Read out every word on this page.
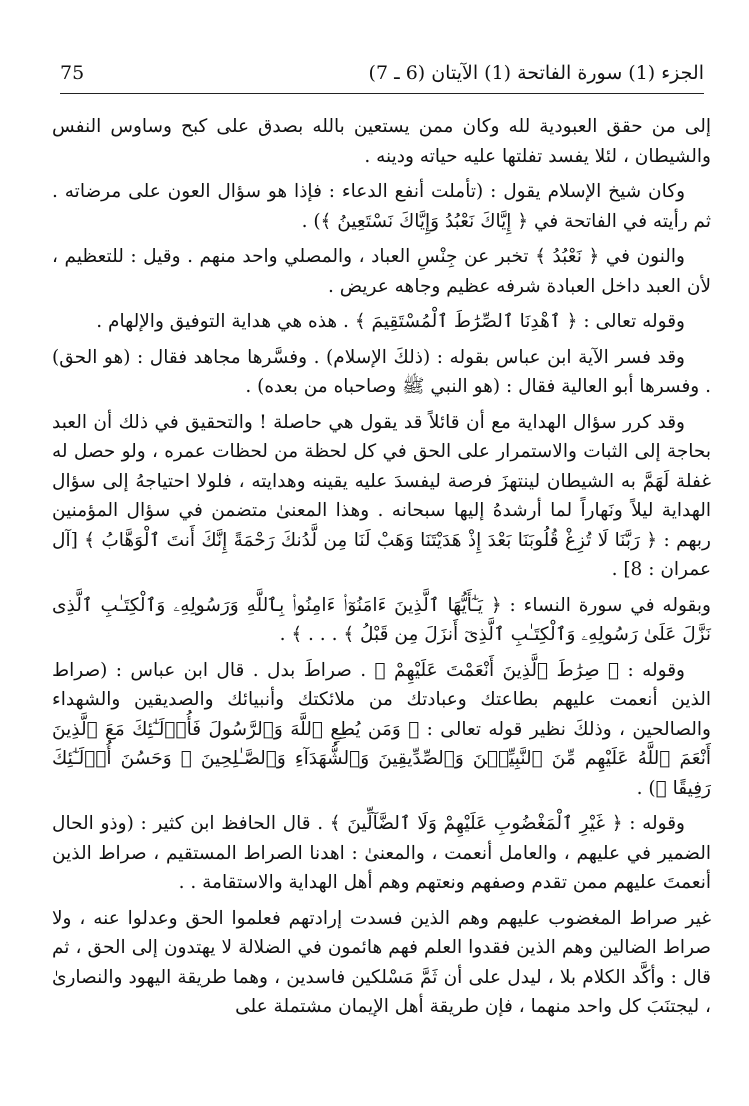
75	الجزء (1) سورة الفاتحة (1) الآيتان (6 ـ 7)

إلى من حقق العبودية لله وكان ممن يستعين بالله بصدق على كبح وساوس النفس والشيطان ، لئلا يفسد تفلتها عليه حياته ودينه .

وكان شيخ الإسلام يقول : (تأملت أنفع الدعاء : فإذا هو سؤال العون على مرضاته . ثم رأيته في الفاتحة في ﴿ إِيَّاكَ نَعْبُدُ وَإِيَّاكَ نَسْتَعِينُ ﴾) .

والنون في ﴿ نَعْبُدُ ﴾ تخبر عن جِنْسِ العباد ، والمصلي واحد منهم . وقيل : للتعظيم ، لأن العبد داخل العبادة شرفه عظيم وجاهه عريض .

وقوله تعالى : ﴿ ٱهْدِنَا ٱلصِّرَٰطَ ٱلْمُسْتَقِيمَ ﴾ . هذه هي هداية التوفيق والإلهام .

وقد فسر الآية ابن عباس بقوله : (ذلكَ الإسلام) . وفسَّرها مجاهد فقال : (هو الحق) . وفسرها أبو العالية فقال : (هو النبي ﷺ وصاحباه من بعده) .

وقد كرر سؤال الهداية مع أن قائلاً قد يقول هي حاصلة ! والتحقيق في ذلك أن العبد بحاجة إلى الثبات والاستمرار على الحق في كل لحظة من لحظات عمره ، ولو حصل له غفلة لَهَمَّ به الشيطان لينتهزَ فرصة ليفسدَ عليه يقينه وهدايته ، فلولا احتياجهُ إلى سؤال الهداية ليلاً ونَهاراً لما أرشدهُ إليها سبحانه . وهذا المعنىٰ متضمن في سؤال المؤمنين ربهم : ﴿ رَبَّنَا لَا تُزِغْ قُلُوبَنَا بَعْدَ إِذْ هَدَيْتَنَا وَهَبْ لَنَا مِن لَّدُنكَ رَحْمَةً إِنَّكَ أَنتَ ٱلْوَهَّابُ ﴾ [آل عمران : 8] .

وبقوله في سورة النساء : ﴿ يَـٰٓأَيُّهَا ٱلَّذِينَ ءَامَنُوٓا۟ ءَامِنُوا۟ بِٱللَّهِ وَرَسُولِهِۦ وَٱلْكِتَـٰبِ ٱلَّذِى نَزَّلَ عَلَىٰ رَسُولِهِۦ وَٱلْكِتَـٰبِ ٱلَّذِىٓ أَنزَلَ مِن قَبْلُ ﴾ . . . ﴾ .

وقوله : ﴿ صِرَٰطَ ٱلَّذِينَ أَنْعَمْتَ عَلَيْهِمْ ﴾ . صراطَ بدل . قال ابن عباس : (صراط الذين أنعمت عليهم بطاعتك وعبادتك من ملائكتك وأنبيائك والصديقين والشهداء والصالحين ، وذلكَ نظير قوله تعالى : ﴿ وَمَن يُطِعِ ٱللَّهَ وَٱلرَّسُولَ فَأُو۟لَـٰٓئِكَ مَعَ ٱلَّذِينَ أَنْعَمَ ٱللَّهُ عَلَيْهِم مِّنَ ٱلنَّبِيِّـۧنَ وَٱلصِّدِّيقِينَ وَٱلشُّهَدَآءِ وَٱلصَّـٰلِحِينَ ۚ وَحَسُنَ أُو۟لَـٰٓئِكَ رَفِيقًا ﴾) .

وقوله : ﴿ غَيْرِ ٱلْمَغْضُوبِ عَلَيْهِمْ وَلَا ٱلضَّآلِّينَ ﴾ . قال الحافظ ابن كثير : (وذو الحال الضمير في عليهم ، والعامل أنعمت ، والمعنىٰ : اهدنا الصراط المستقيم ، صراط الذين أنعمتَ عليهم ممن تقدم وصفهم ونعتهم وهم أهل الهداية والاستقامة . .

غير صراط المغضوب عليهم وهم الذين فسدت إرادتهم فعلموا الحق وعدلوا عنه ، ولا صراط الضالين وهم الذين فقدوا العلم فهم هائمون في الضلالة لا يهتدون إلى الحق ، ثم قال : وأكَّد الكلام بلا ، ليدل على أن ثَمَّ مَسْلكين فاسدين ، وهما طريقة اليهود والنصارىٰ ، ليجتنَبَ كل واحد منهما ، فإن طريقة أهل الإيمان مشتملة على
